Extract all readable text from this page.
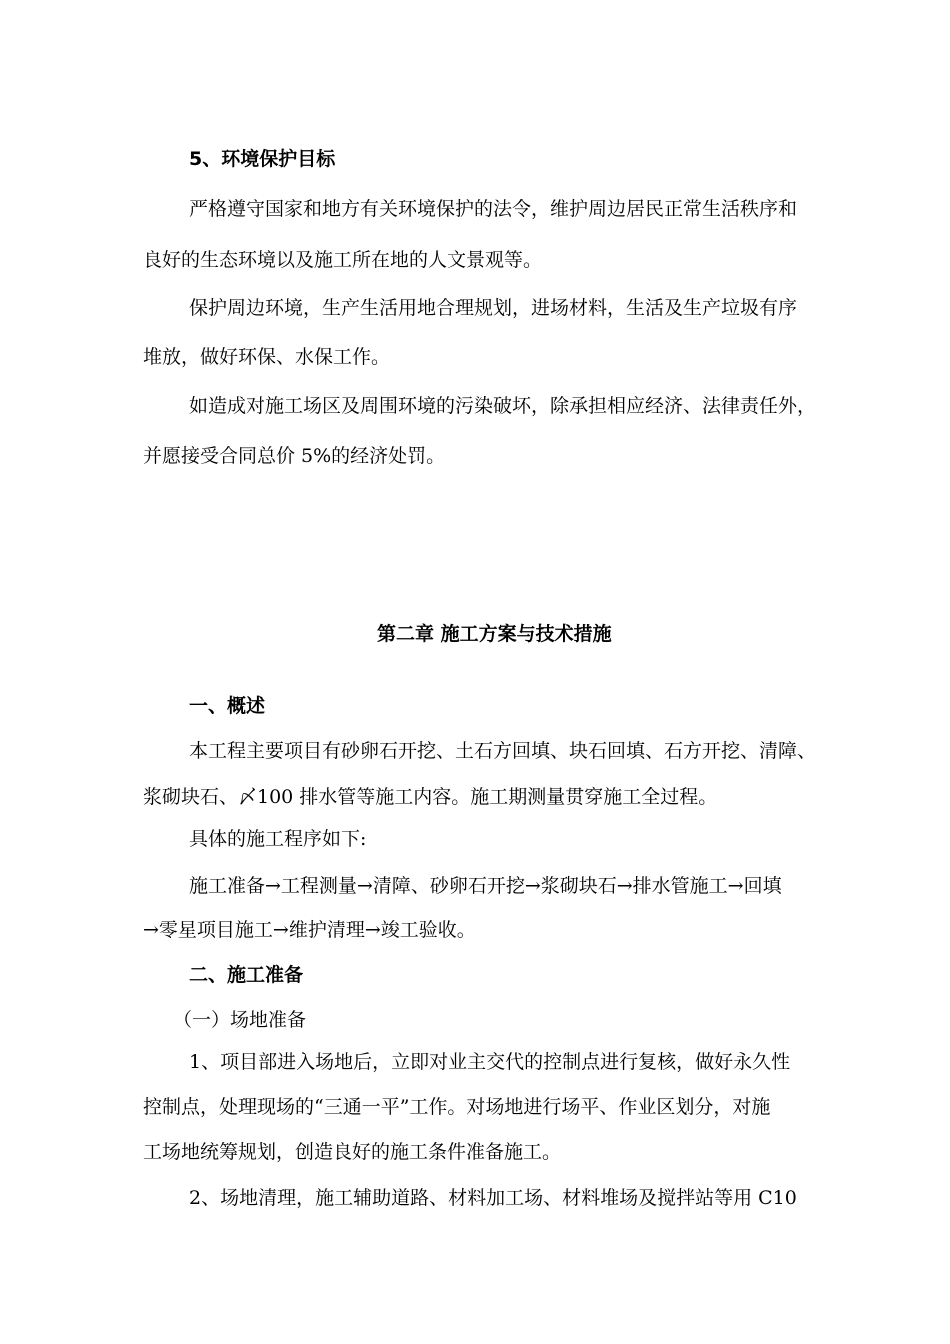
5、环境保护目标
严格遵守国家和地方有关环境保护的法令，维护周边居民正常生活秩序和
良好的生态环境以及施工所在地的人文景观等。
保护周边环境，生产生活用地合理规划，进场材料，生活及生产垃圾有序
堆放，做好环保、水保工作。
如造成对施工场区及周围环境的污染破坏，除承担相应经济、法律责任外，
并愿接受合同总价 5%的经济处罚。
第二章 施工方案与技术措施
一、概述
本工程主要项目有砂卵石开挖、土石方回填、块石回填、石方开挖、清障、
浆砌块石、〆100 排水管等施工内容。施工期测量贯穿施工全过程。
具体的施工程序如下:
施工准备→工程测量→清障、砂卵石开挖→浆砌块石→排水管施工→回填
→零星项目施工→维护清理→竣工验收。
二、施工准备
（一）场地准备
1、项目部进入场地后，立即对业主交代的控制点进行复核，做好永久性
控制点，处理现场的“三通一平”工作。对场地进行场平、作业区划分，对施
工场地统筹规划，创造良好的施工条件准备施工。
2、场地清理，施工辅助道路、材料加工场、材料堆场及搅拌站等用 C10
